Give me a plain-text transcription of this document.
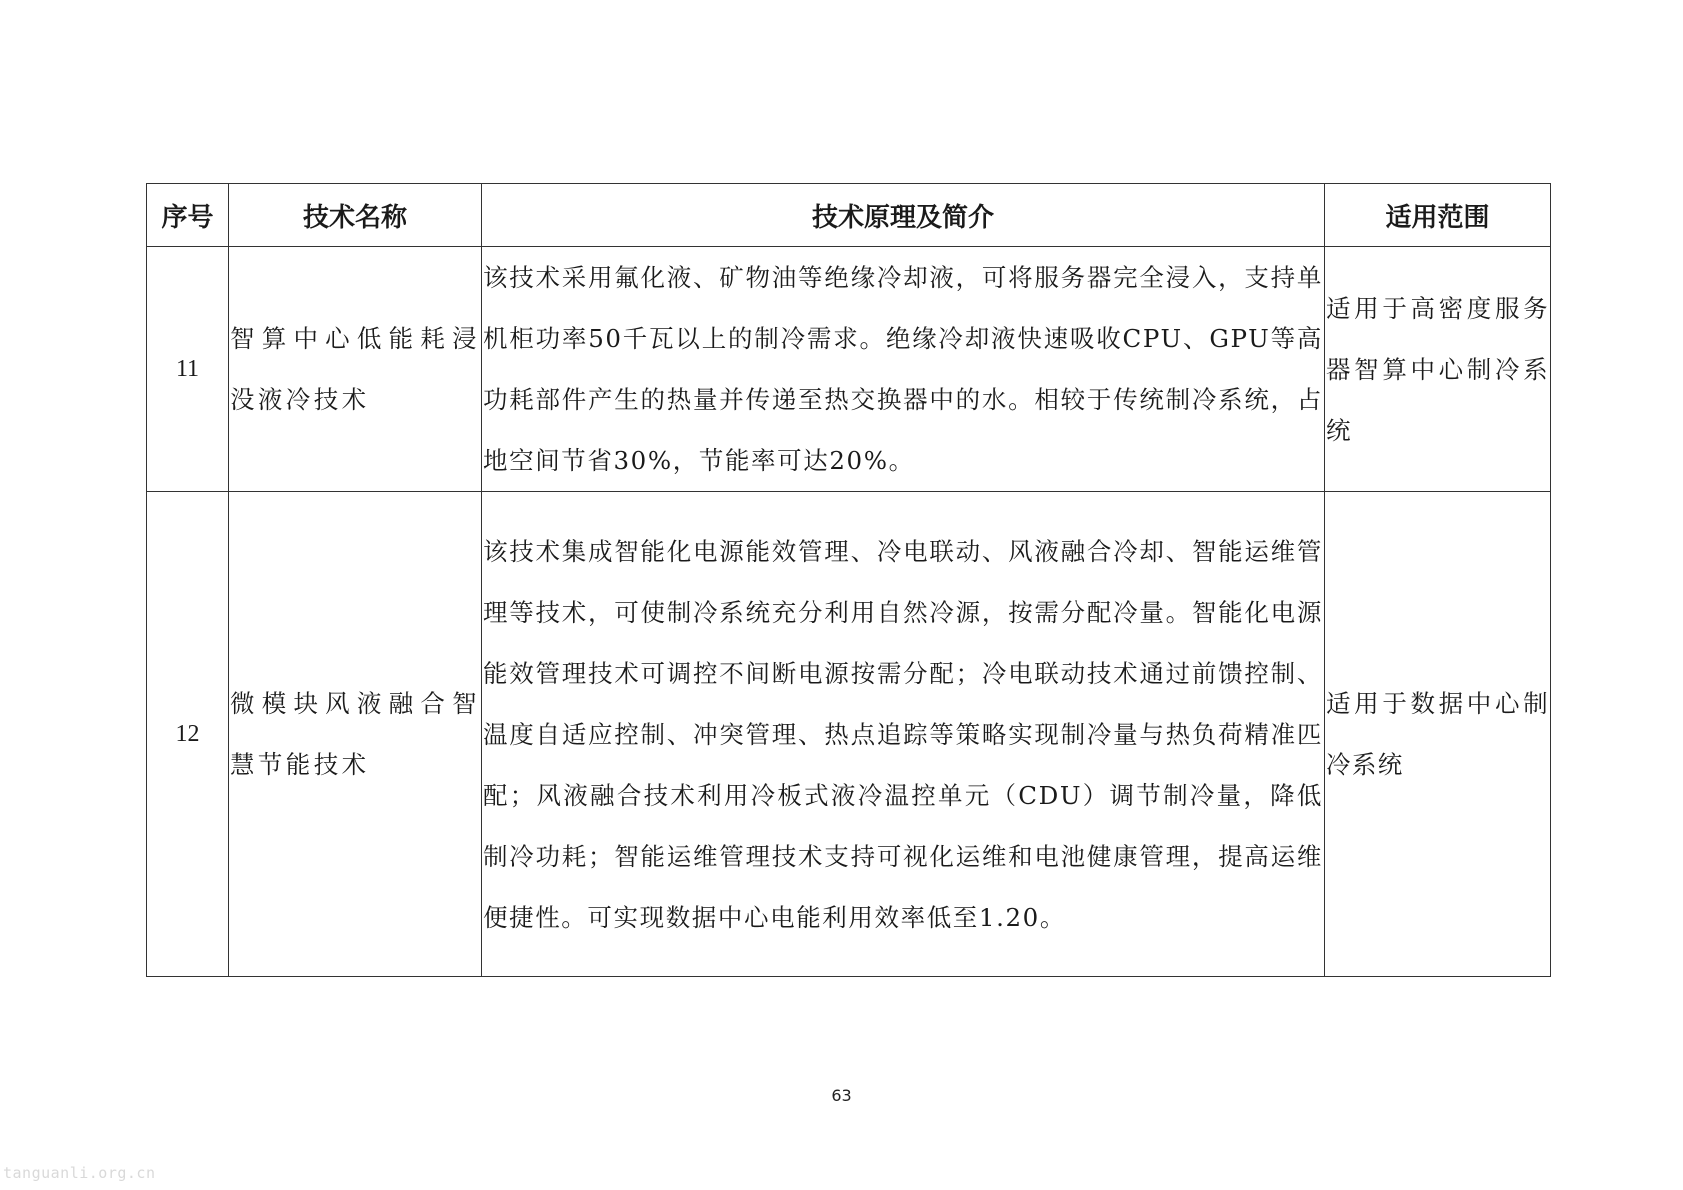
序号	技术名称	技术原理及简介	适用范围
11	智算中心低能耗浸没液冷技术	该技术采用氟化液、矿物油等绝缘冷却液，可将服务器完全浸入，支持单机柜功率50千瓦以上的制冷需求。绝缘冷却液快速吸收CPU、GPU等高功耗部件产生的热量并传递至热交换器中的水。相较于传统制冷系统，占地空间节省30%，节能率可达20%。	适用于高密度服务器智算中心制冷系统
12	微模块风液融合智慧节能技术	该技术集成智能化电源能效管理、冷电联动、风液融合冷却、智能运维管理等技术，可使制冷系统充分利用自然冷源，按需分配冷量。智能化电源能效管理技术可调控不间断电源按需分配；冷电联动技术通过前馈控制、温度自适应控制、冲突管理、热点追踪等策略实现制冷量与热负荷精准匹配；风液融合技术利用冷板式液冷温控单元（CDU）调节制冷量，降低制冷功耗；智能运维管理技术支持可视化运维和电池健康管理，提高运维便捷性。可实现数据中心电能利用效率低至1.20。	适用于数据中心制冷系统
63
tanguanli.org.cn
